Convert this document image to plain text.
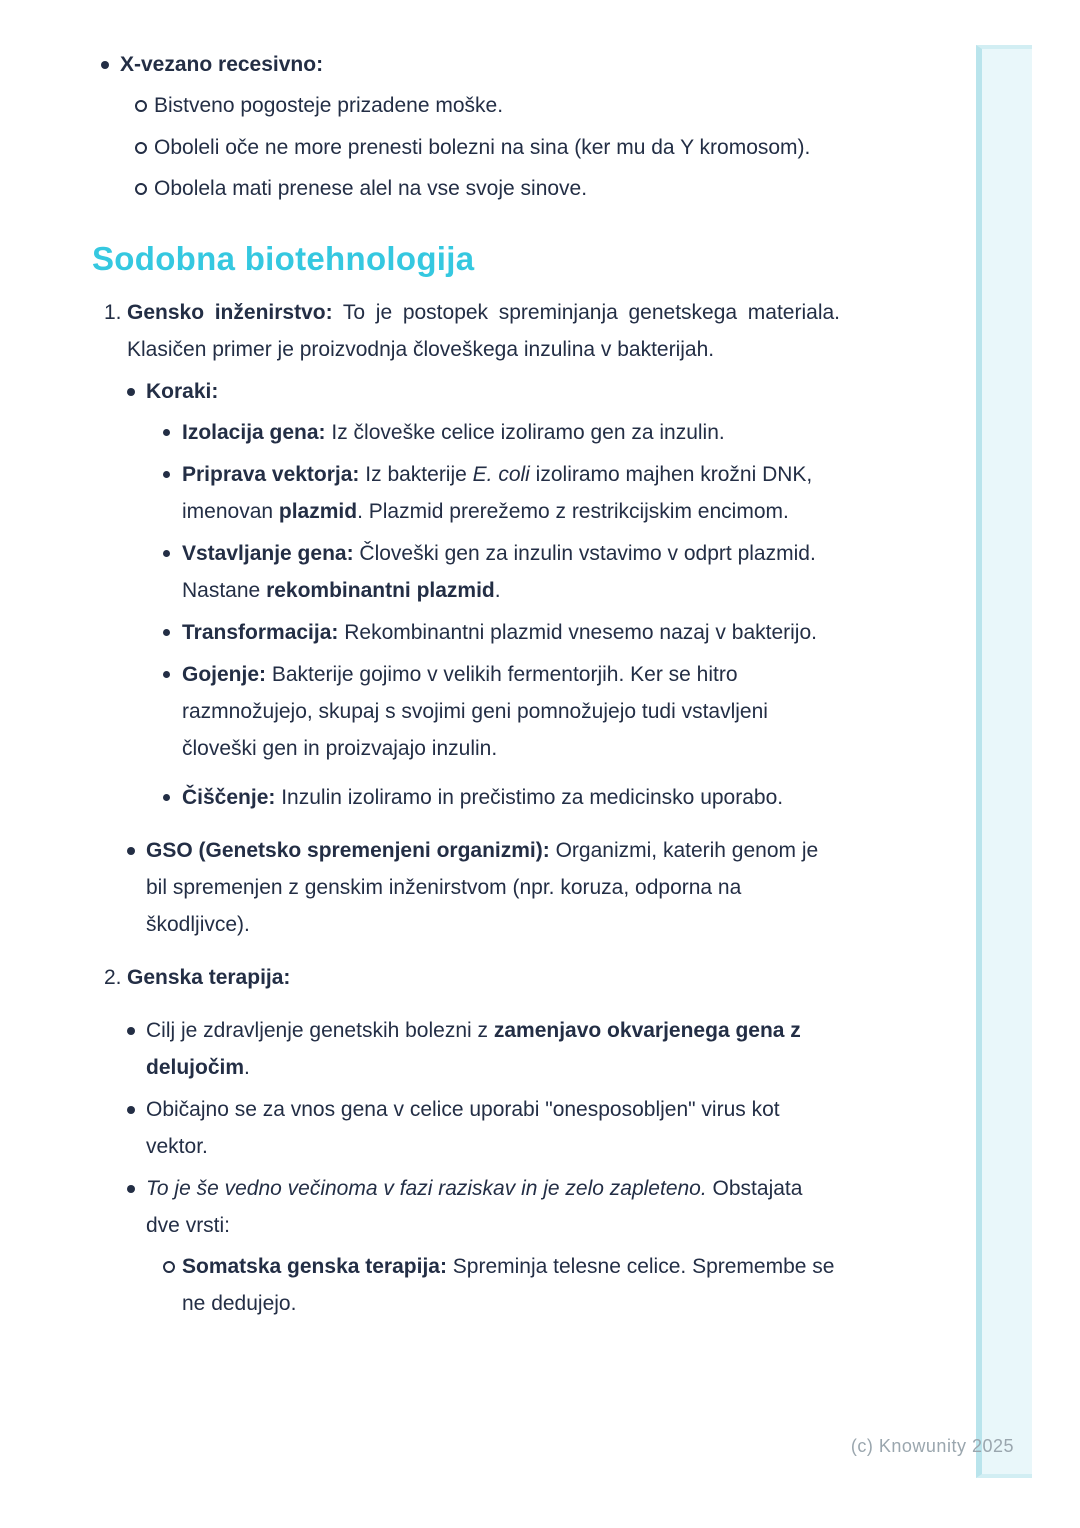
X-vezano recesivno:

Bistveno pogosteje prizadene moške.

Oboleli oče ne more prenesti bolezni na sina (ker mu da Y kromosom).

Obolela mati prenese alel na vse svoje sinove.

Sodobna biotehnologija
1. Gensko inženirstvo: To je postopek spreminjanja genetskega materiala. Klasičen primer je proizvodnja človeškega inzulina v bakterijah.

Koraki:

Izolacija gena: Iz človeške celice izoliramo gen za inzulin.

Priprava vektorja: Iz bakterije E. coli izoliramo majhen krožni DNK, imenovan plazmid. Plazmid prerežemo z restrikcijskim encimom.

Vstavljanje gena: Človeški gen za inzulin vstavimo v odprt plazmid. Nastane rekombinantni plazmid.

Transformacija: Rekombinantni plazmid vnesemo nazaj v bakterijo.

Gojenje: Bakterije gojimo v velikih fermentorjih. Ker se hitro razmnožujejo, skupaj s svojimi geni pomnožujejo tudi vstavljeni človeški gen in proizvajajo inzulin.

Čiščenje: Inzulin izoliramo in prečistimo za medicinsko uporabo.

GSO (Genetsko spremenjeni organizmi): Organizmi, katerih genom je bil spremenjen z genskim inženirstvom (npr. koruza, odporna na škodljivce).

2. Genska terapija:

Cilj je zdravljenje genetskih bolezni z zamenjavo okvarjenega gena z delujočim.

Običajno se za vnos gena v celice uporabi "onesposobljen" virus kot vektor.

To je še vedno večinoma v fazi raziskav in je zelo zapleteno. Obstajata dve vrsti:

Somatska genska terapija: Spreminja telesne celice. Spremembe se ne dedujejo.

(c) Knowunity 2025
